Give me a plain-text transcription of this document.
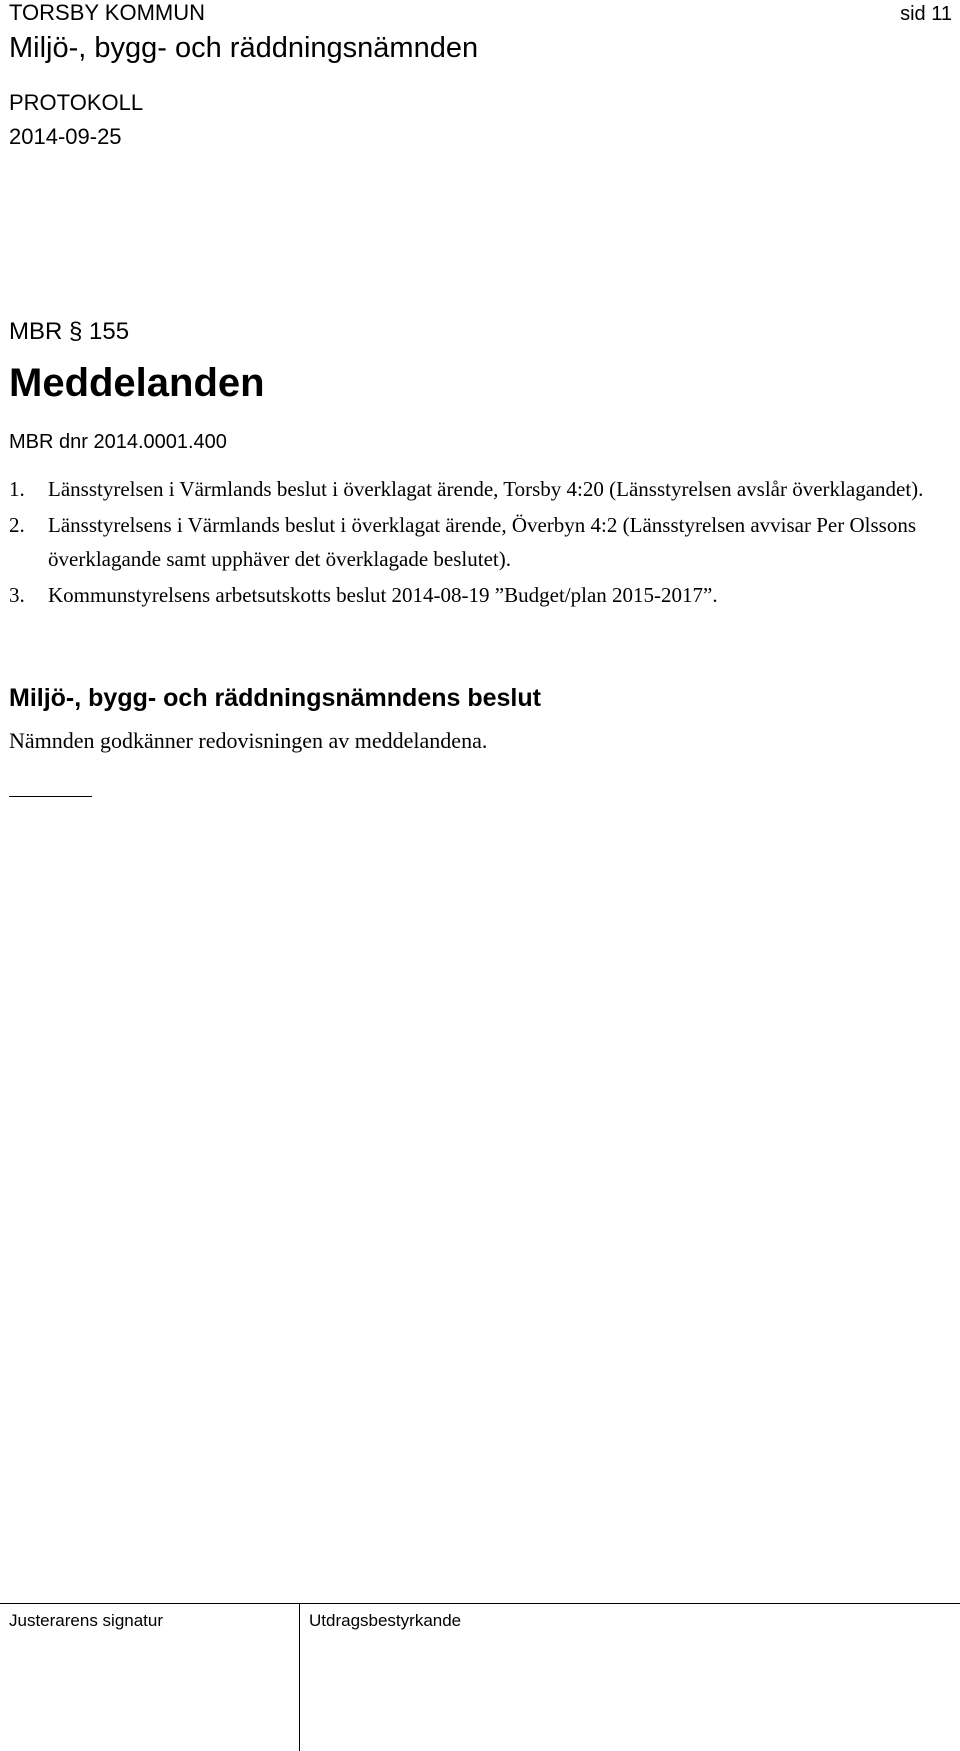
TORSBY KOMMUN
Miljö-, bygg- och räddningsnämnden
sid 11
PROTOKOLL
2014-09-25
MBR § 155
Meddelanden
MBR dnr 2014.0001.400
1. Länsstyrelsen i Värmlands beslut i överklagat ärende, Torsby 4:20 (Länsstyrelsen avslår överklagandet).
2. Länsstyrelsens i Värmlands beslut i överklagat ärende, Överbyn 4:2 (Länsstyrelsen avvisar Per Olssons överklagande samt upphäver det överklagade beslutet).
3. Kommunstyrelsens arbetsutskotts beslut 2014-08-19 ”Budget/plan 2015-2017”.
Miljö-, bygg- och räddningsnämndens beslut
Nämnden godkänner redovisningen av meddelandena.
Justerarens signatur	Utdragsbestyrkande
